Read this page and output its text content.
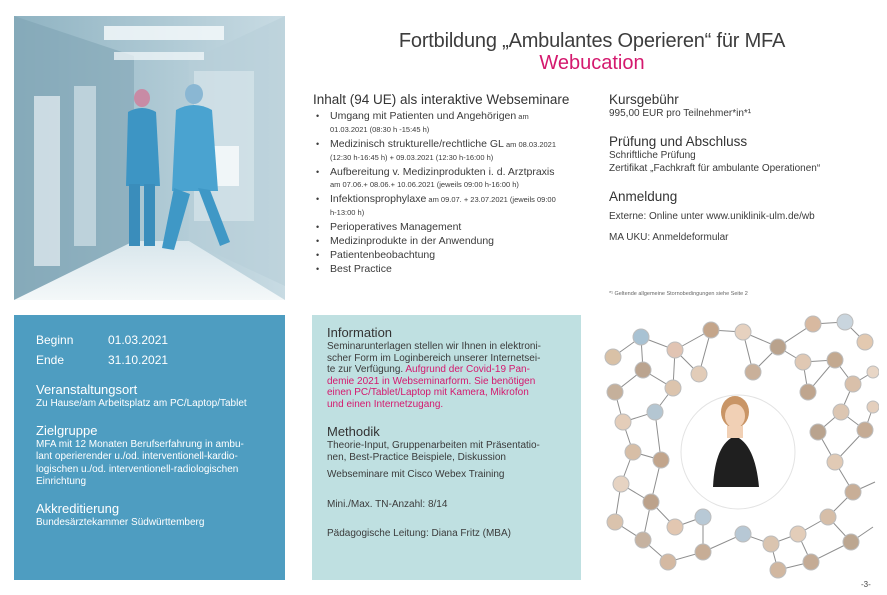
Fortbildung „Ambulantes Operieren“ für MFA
Webucation
Inhalt (94 UE) als interaktive Webseminare
• Umgang mit Patienten und Angehörigen am
01.03.2021 (08:30 h -15:45 h)
• Medizinisch strukturelle/rechtliche GL am 08.03.2021
(12:30 h-16:45 h) + 09.03.2021 (12:30 h-16:00 h)
• Aufbereitung v. Medizinprodukten i. d. Arztpraxis
am 07.06.+ 08.06.+ 10.06.2021 (jeweils 09:00 h-16:00 h)
• Infektionsprophylaxe am 09.07. + 23.07.2021 (jeweils 09:00
h-13:00 h)
• Perioperatives Management
• Medizinprodukte in der Anwendung
• Patientenbeobachtung
• Best Practice
Kursgebühr

995,00 EUR pro Teilnehmer*in*¹

Prüfung und Abschluss

Schriftliche Prüfung

Zertifikat „Fachkraft für ambulante Operationen“

Anmeldung

Externe: Online unter www.uniklinik-ulm.de/wb

MA UKU: Anmeldeformular

*¹ Geltende allgemeine Stornobedingungen siehe Seite 2
Beginn	01.03.2021
Ende	31.10.2021
Veranstaltungsort

Zu Hause/am Arbeitsplatz am PC/Laptop/Tablet

Zielgruppe

MFA mit 12 Monaten Berufserfahrung in ambu-

lant operierender u./od. interventionell-kardio-

logischen u./od. interventionell-radiologischen

Einrichtung

Akkreditierung

Bundesärztekammer Südwürttemberg

Information

Seminarunterlagen stellen wir Ihnen in elektroni-

scher Form im Loginbereich unserer Internetsei-

te zur Verfügung. Aufgrund der Covid-19 Pan-

demie 2021 in Webseminarform. Sie benötigen

einen PC/Tablet/Laptop mit Kamera, Mikrofon

und einen Internetzugang.

Methodik

Theorie-Input, Gruppenarbeiten mit Präsentatio-

nen, Best-Practice Beispiele, Diskussion

Webseminare mit Cisco Webex Training

Mini./Max. TN-Anzahl: 8/14

Pädagogische Leitung: Diana Fritz (MBA)

-3-
